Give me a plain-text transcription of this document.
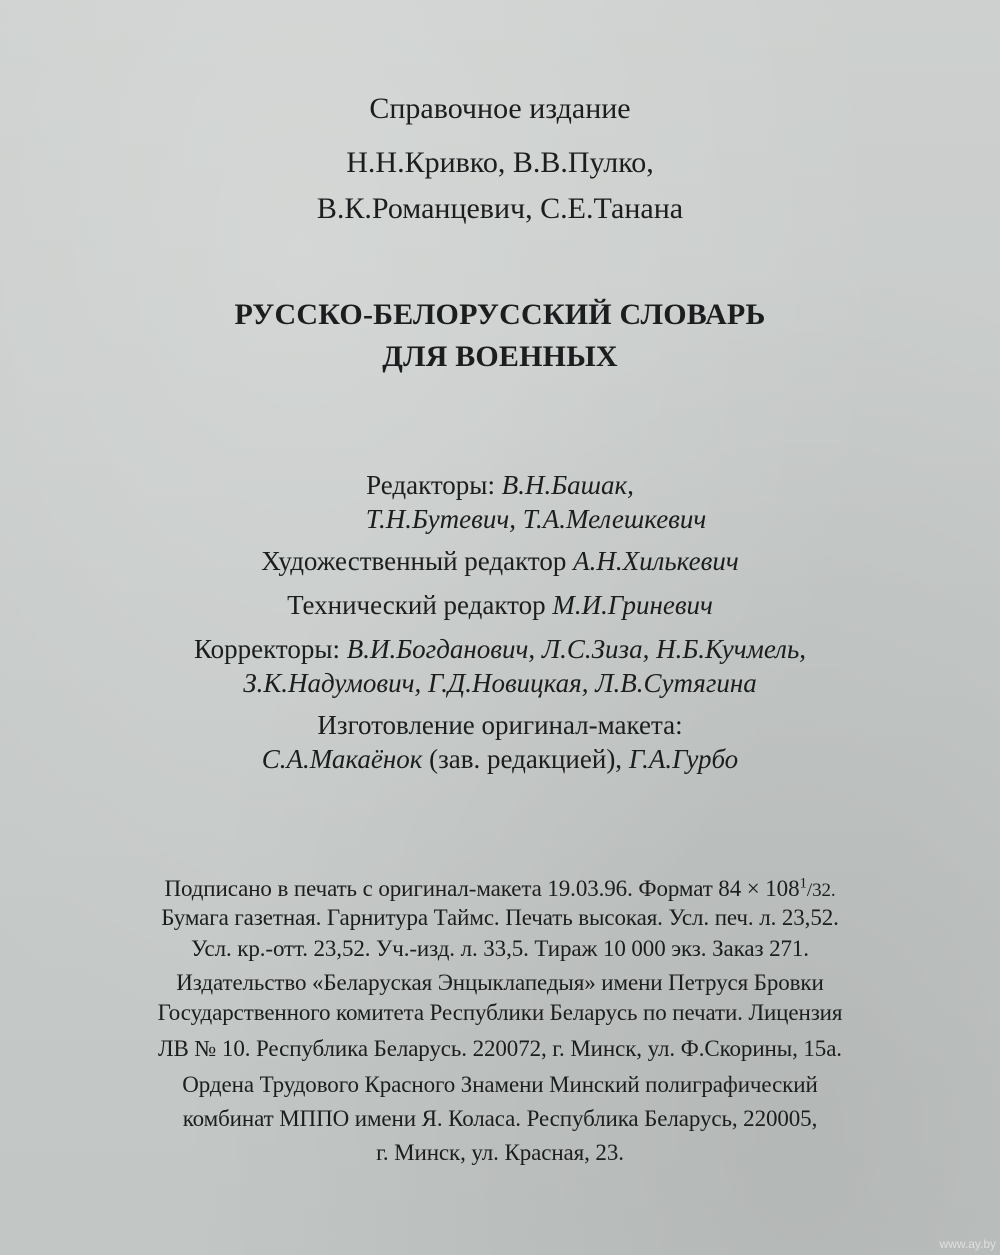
Справочное издание
Н.Н.Кривко, В.В.Пулко,
В.К.Романцевич, С.Е.Танана
РУССКО-БЕЛОРУССКИЙ СЛОВАРЬ
ДЛЯ ВОЕННЫХ
Редакторы: В.Н.Башак,
Т.Н.Бутевич, Т.А.Мелешкевич
Художественный редактор А.Н.Хилькевич
Технический редактор М.И.Гриневич
Корректоры: В.И.Богданович, Л.С.Зиза, Н.Б.Кучмель,
З.К.Надумович, Г.Д.Новицкая, Л.В.Сутягина
Изготовление оригинал-макета:
С.А.Макаёнок (зав. редакцией), Г.А.Гурбо
Подписано в печать с оригинал-макета 19.03.96. Формат $84 \times 108^1/32$.
Бумага газетная. Гарнитура Таймс. Печать высокая. Усл. печ. л. 23,52.
Усл. кр.-отт. 23,52. Уч.-изд. л. 33,5. Тираж 10 000 экз. Заказ 271.
Издательство «Беларуская Энцыклапедыя» имени Петруся Бровки
Государственного комитета Республики Беларусь по печати. Лицензия
ЛВ № 10. Республика Беларусь. 220072, г. Минск, ул. Ф.Скорины, 15а.
Ордена Трудового Красного Знамени Минский полиграфический
комбинат МППО имени Я. Коласа. Республика Беларусь, 220005,
г. Минск, ул. Красная, 23.
www.ay.by
